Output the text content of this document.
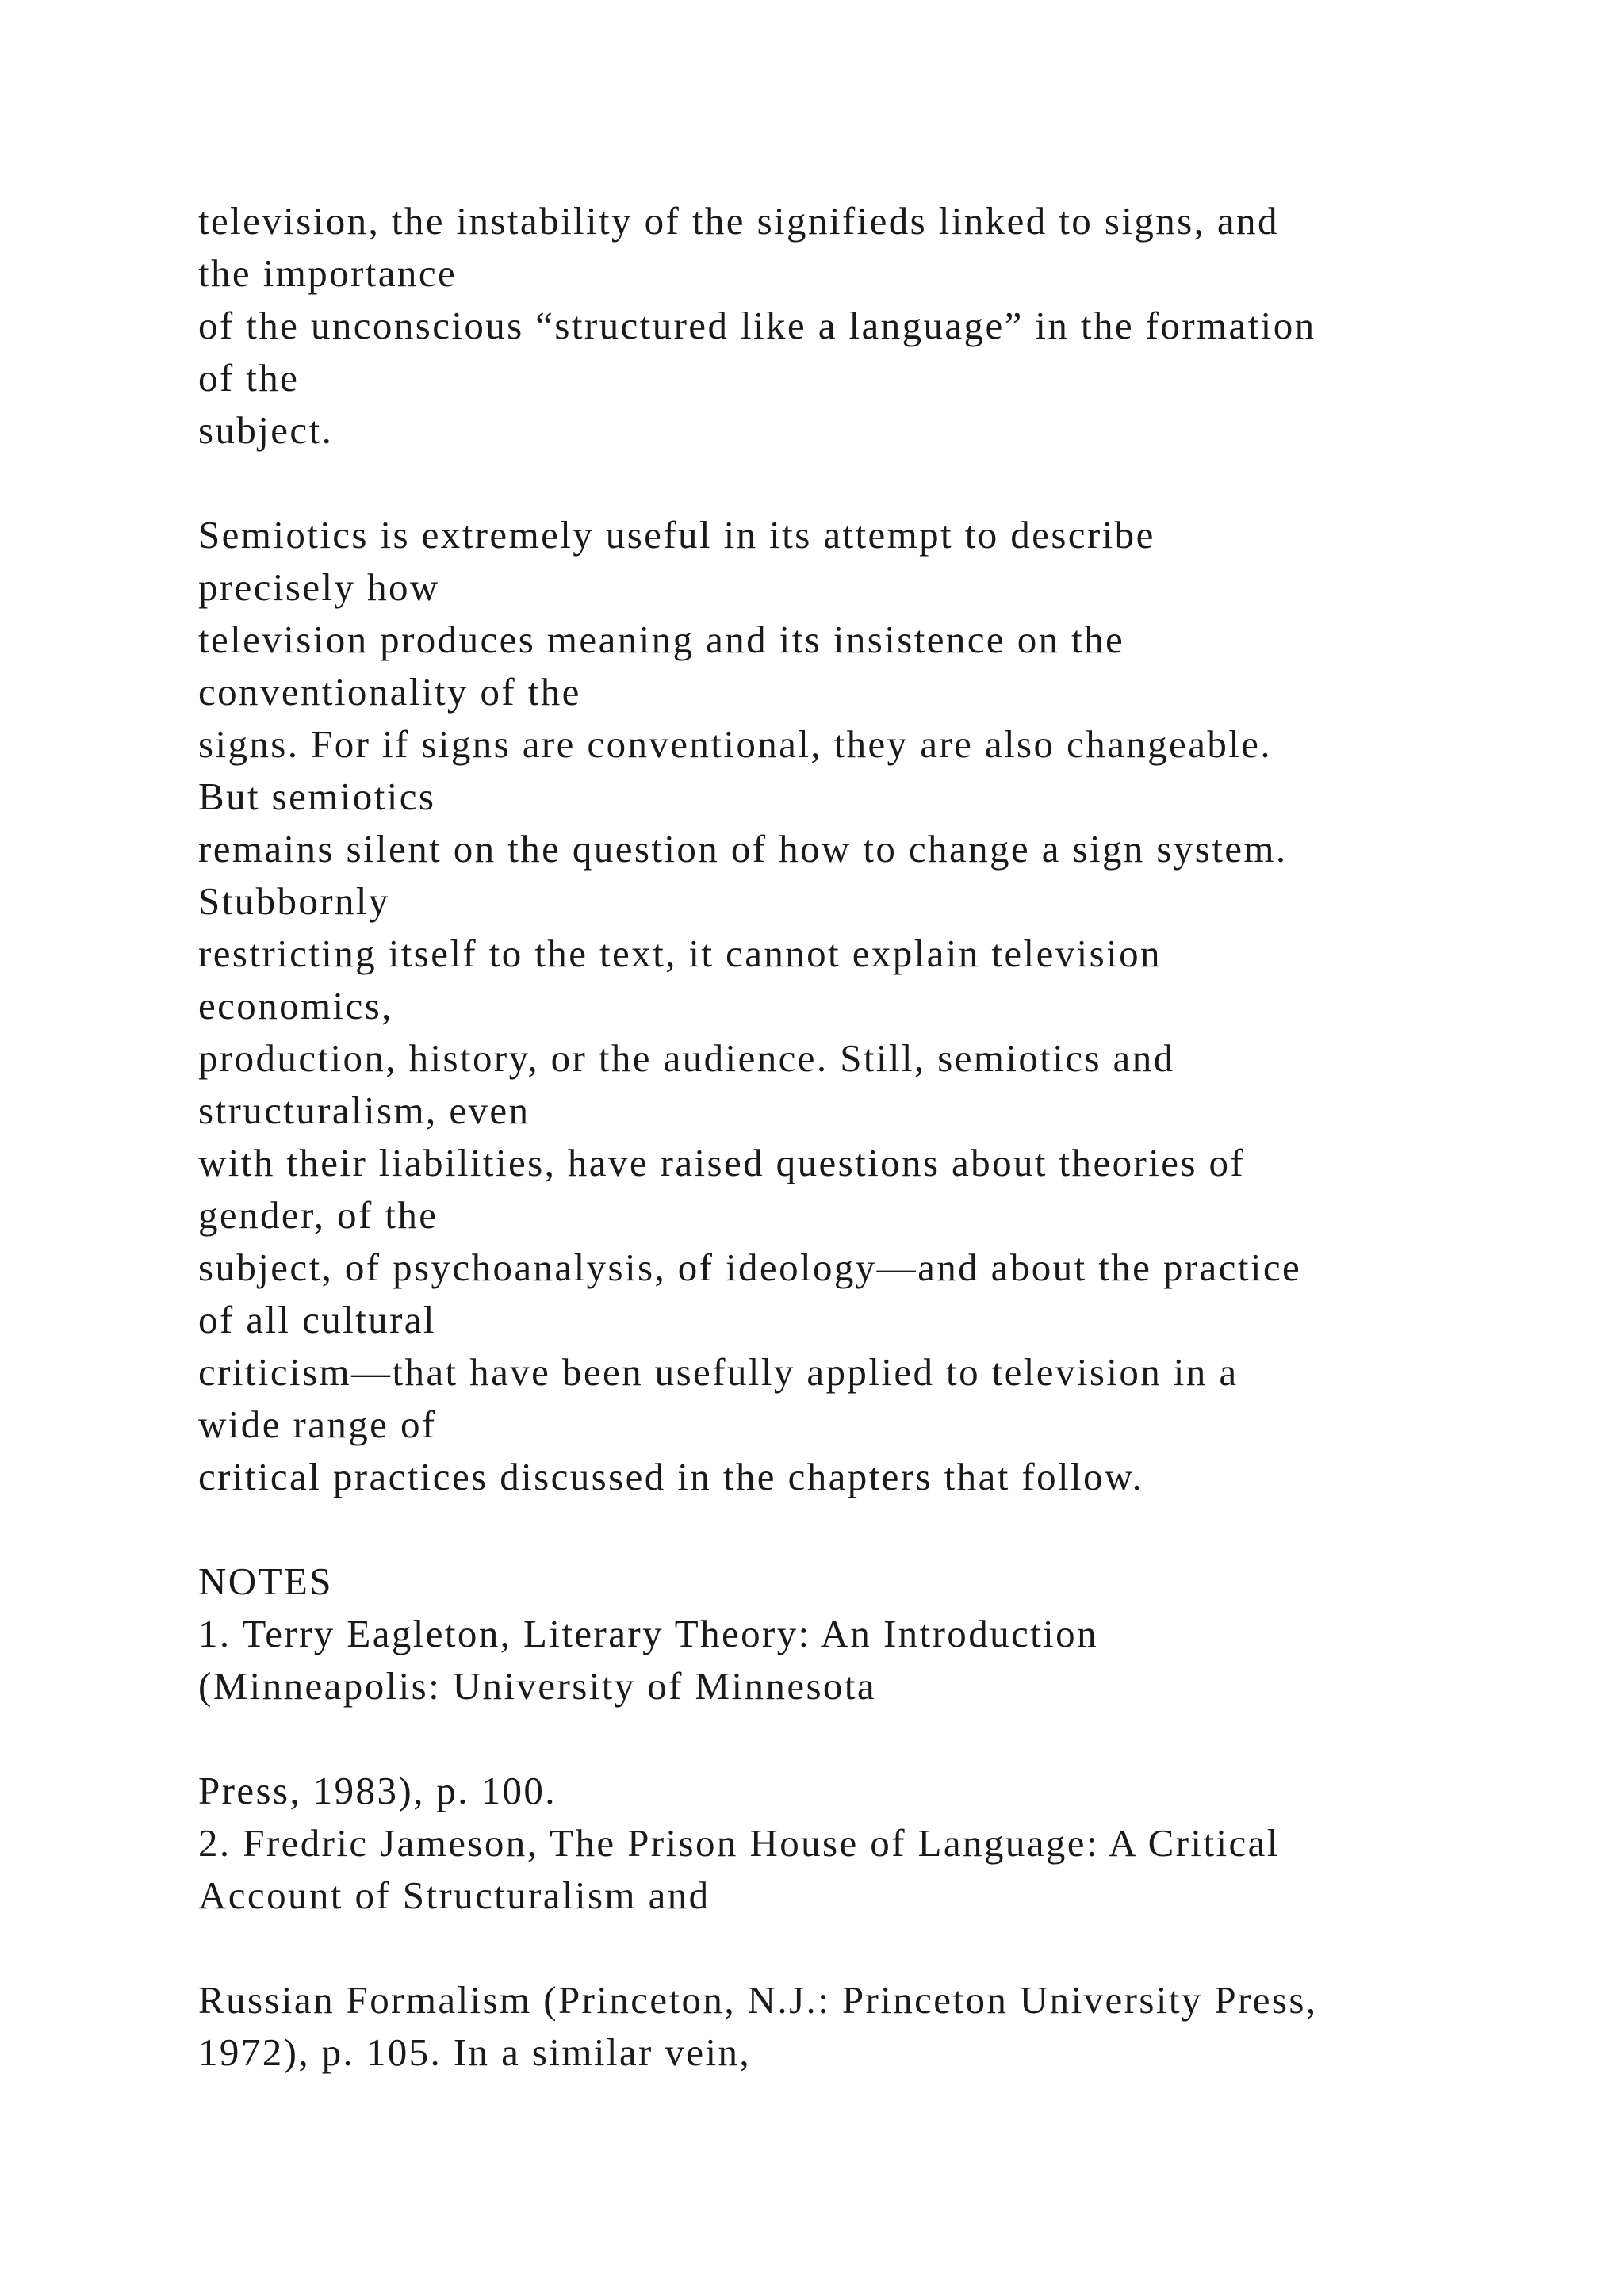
television, the instability of the signifieds linked to signs, and
the importance
of the unconscious “structured like a language” in the formation
of the
subject.
Semiotics is extremely useful in its attempt to describe
precisely how
television produces meaning and its insistence on the
conventionality of the
signs. For if signs are conventional, they are also changeable.
But semiotics
remains silent on the question of how to change a sign system.
Stubbornly
restricting itself to the text, it cannot explain television
economics,
production, history, or the audience. Still, semiotics and
structuralism, even
with their liabilities, have raised questions about theories of
gender, of the
subject, of psychoanalysis, of ideology—and about the practice
of all cultural
criticism—that have been usefully applied to television in a
wide range of
critical practices discussed in the chapters that follow.
NOTES
1. Terry Eagleton, Literary Theory: An Introduction
(Minneapolis: University of Minnesota
Press, 1983), p. 100.
2. Fredric Jameson, The Prison House of Language: A Critical
Account of Structuralism and
Russian Formalism (Princeton, N.J.: Princeton University Press,
1972), p. 105. In a similar vein,
